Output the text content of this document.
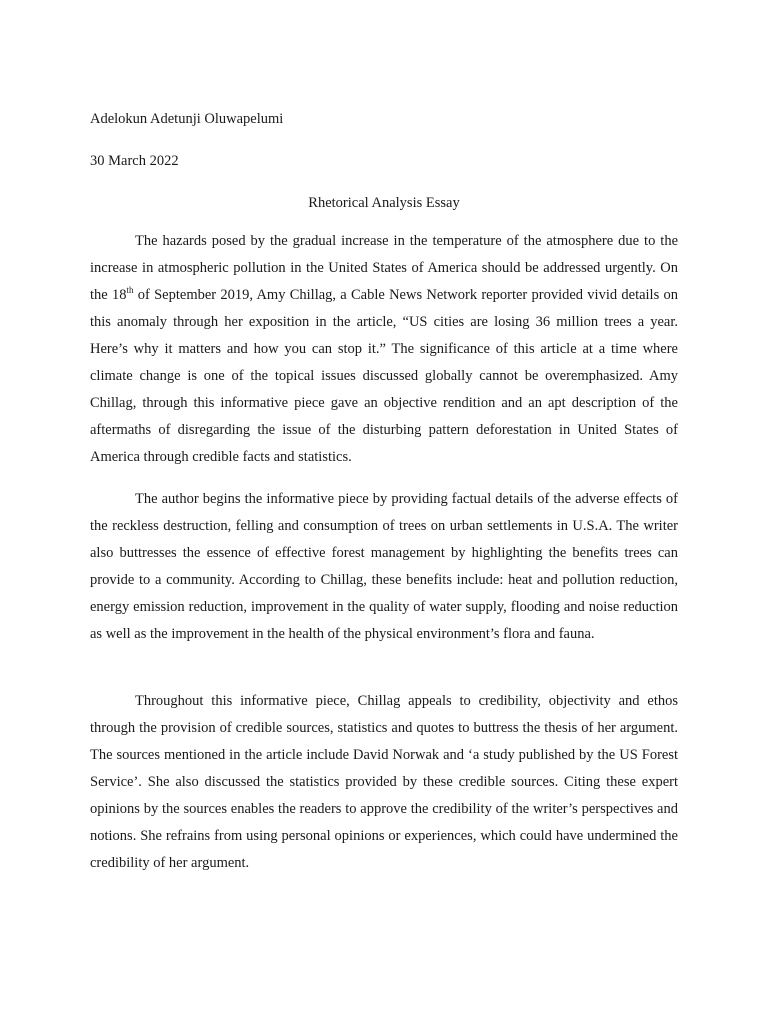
Adelokun Adetunji Oluwapelumi
30 March 2022
Rhetorical Analysis Essay

The hazards posed by the gradual increase in the temperature of the atmosphere due to the increase in atmospheric pollution in the United States of America should be addressed urgently. On the 18th of September 2019, Amy Chillag, a Cable News Network reporter provided vivid details on this anomaly through her exposition in the article, “US cities are losing 36 million trees a year. Here’s why it matters and how you can stop it.” The significance of this article at a time where climate change is one of the topical issues discussed globally cannot be overemphasized. Amy Chillag, through this informative piece gave an objective rendition and an apt description of the aftermaths of disregarding the issue of the disturbing pattern deforestation in United States of America through credible facts and statistics.

The author begins the informative piece by providing factual details of the adverse effects of the reckless destruction, felling and consumption of trees on urban settlements in U.S.A. The writer also buttresses the essence of effective forest management by highlighting the benefits trees can provide to a community. According to Chillag, these benefits include: heat and pollution reduction, energy emission reduction, improvement in the quality of water supply, flooding and noise reduction as well as the improvement in the health of the physical environment’s flora and fauna.

Throughout this informative piece, Chillag appeals to credibility, objectivity and ethos through the provision of credible sources, statistics and quotes to buttress the thesis of her argument. The sources mentioned in the article include David Norwak and ‘a study published by the US Forest Service’. She also discussed the statistics provided by these credible sources. Citing these expert opinions by the sources enables the readers to approve the credibility of the writer’s perspectives and notions. She refrains from using personal opinions or experiences, which could have undermined the credibility of her argument.
